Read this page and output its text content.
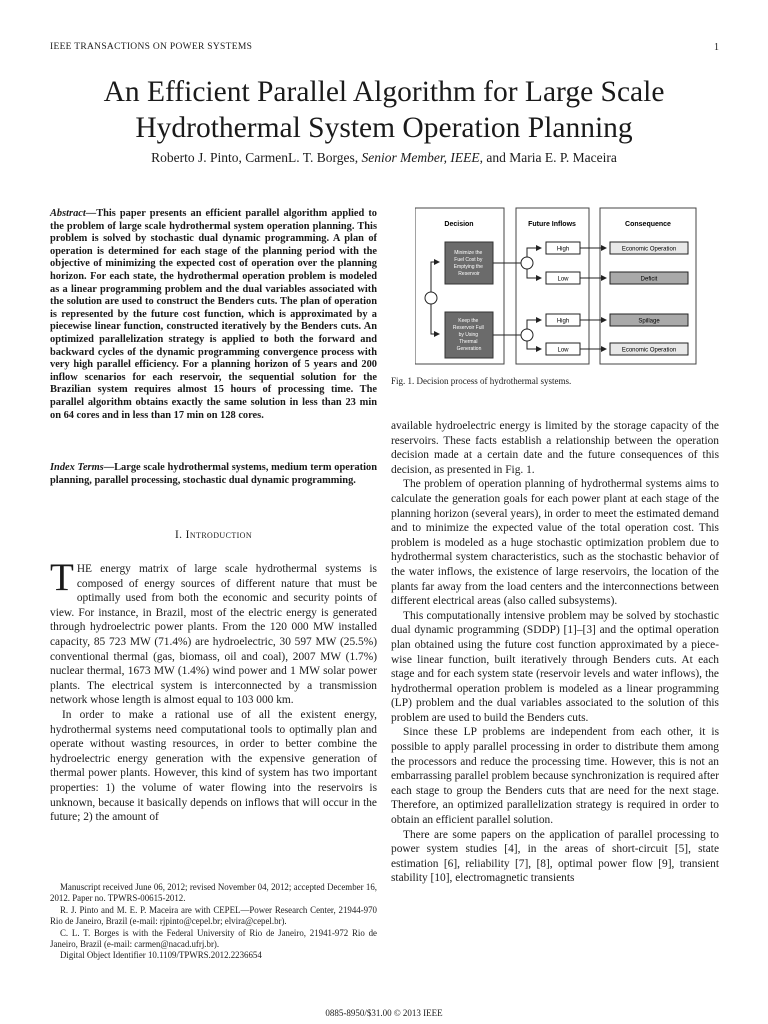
IEEE TRANSACTIONS ON POWER SYSTEMS	1
An Efficient Parallel Algorithm for Large Scale
Hydrothermal System Operation Planning
Roberto J. Pinto, CarmenL. T. Borges, Senior Member, IEEE, and Maria E. P. Maceira
Abstract—This paper presents an efficient parallel algorithm applied to the problem of large scale hydrothermal system operation planning. This problem is solved by stochastic dual dynamic programming. A plan of operation is determined for each stage of the planning period with the objective of minimizing the expected cost of operation over the planning horizon. For each state, the hydrothermal operation problem is modeled as a linear programming problem and the dual variables associated with the solution are used to construct the Benders cuts. The plan of operation is represented by the future cost function, which is approximated by a piecewise linear function, constructed iteratively by the Benders cuts. An optimized parallelization strategy is applied to both the forward and backward cycles of the dynamic programming convergence process with very high parallel efficiency. For a planning horizon of 5 years and 200 inflow scenarios for each reservoir, the sequential solution for the Brazilian system requires almost 15 hours of processing time. The parallel algorithm obtains exactly the same solution in less than 23 min on 64 cores and in less than 17 min on 128 cores.
Index Terms—Large scale hydrothermal systems, medium term operation planning, parallel processing, stochastic dual dynamic programming.
I. Introduction

THE energy matrix of large scale hydrothermal systems is composed of energy sources of different nature that must be optimally used from both the economic and security points of view. For instance, in Brazil, most of the electric energy is generated through hydroelectric power plants. From the 120 000 MW installed capacity, 85 723 MW (71.4%) are hydroelectric, 30 597 MW (25.5%) conventional thermal (gas, biomass, oil and coal), 2007 MW (1.7%) nuclear thermal, 1673 MW (1.4%) wind power and 1 MW solar power plants. The electrical system is interconnected by a transmission network whose length is almost equal to 103 000 km.

In order to make a rational use of all the existent energy, hydrothermal systems need computational tools to optimally plan and operate without wasting resources, in order to better combine the hydroelectric energy generation with the expensive generation of thermal power plants. However, this kind of system has two important properties: 1) the volume of water flowing into the reservoirs is unknown, because it basically depends on inflows that will occur in the future; 2) the amount of

Manuscript received June 06, 2012; revised November 04, 2012; accepted December 16, 2012. Paper no. TPWRS-00615-2012.

R. J. Pinto and M. E. P. Maceira are with CEPEL—Power Research Center, 21944-970 Rio de Janeiro, Brazil (e-mail: rjpinto@cepel.br; elvira@cepel.br).

C. L. T. Borges is with the Federal University of Rio de Janeiro, 21941-972 Rio de Janeiro, Brazil (e-mail: carmen@nacad.ufrj.br).

Digital Object Identifier 10.1109/TPWRS.2012.2236654

Decision	Future Inflows	Consequence
Minimize the Fuel Cost by Emptying the Reservoir
Keep the Reservoir Full by Using Thermal Generation
High
Low
High
Low
Economic Operation
Deficit
Spillage
Economic Operation
Fig. 1. Decision process of hydrothermal systems.

available hydroelectric energy is limited by the storage capacity of the reservoirs. These facts establish a relationship between the operation decision made at a certain date and the future consequences of this decision, as presented in Fig. 1.

The problem of operation planning of hydrothermal systems aims to calculate the generation goals for each power plant at each stage of the planning horizon (several years), in order to meet the estimated demand and to minimize the expected value of the total operation cost. This problem is modeled as a huge stochastic optimization problem due to hydrothermal system characteristics, such as the stochastic behavior of the water inflows, the existence of large reservoirs, the location of the plants far away from the load centers and the interconnections between different electrical areas (also called subsystems).

This computationally intensive problem may be solved by stochastic dual dynamic programming (SDDP) [1]–[3] and the optimal operation plan obtained using the future cost function approximated by a piece-wise linear function, built iteratively through Benders cuts. At each stage and for each system state (reservoir levels and water inflows), the hydrothermal operation problem is modeled as a linear programming (LP) problem and the dual variables associated to the solution of this problem are used to build the Benders cuts.

Since these LP problems are independent from each other, it is possible to apply parallel processing in order to distribute them among the processors and reduce the processing time. However, this is not an embarrassing parallel problem because synchronization is required after each stage to group the Benders cuts that are need for the next stage. Therefore, an optimized parallelization strategy is required in order to obtain an efficient parallel solution.

There are some papers on the application of parallel processing to power system studies [4], in the areas of short-circuit [5], state estimation [6], reliability [7], [8], optimal power flow [9], transient stability [10], electromagnetic transients

0885-8950/$31.00 © 2013 IEEE
